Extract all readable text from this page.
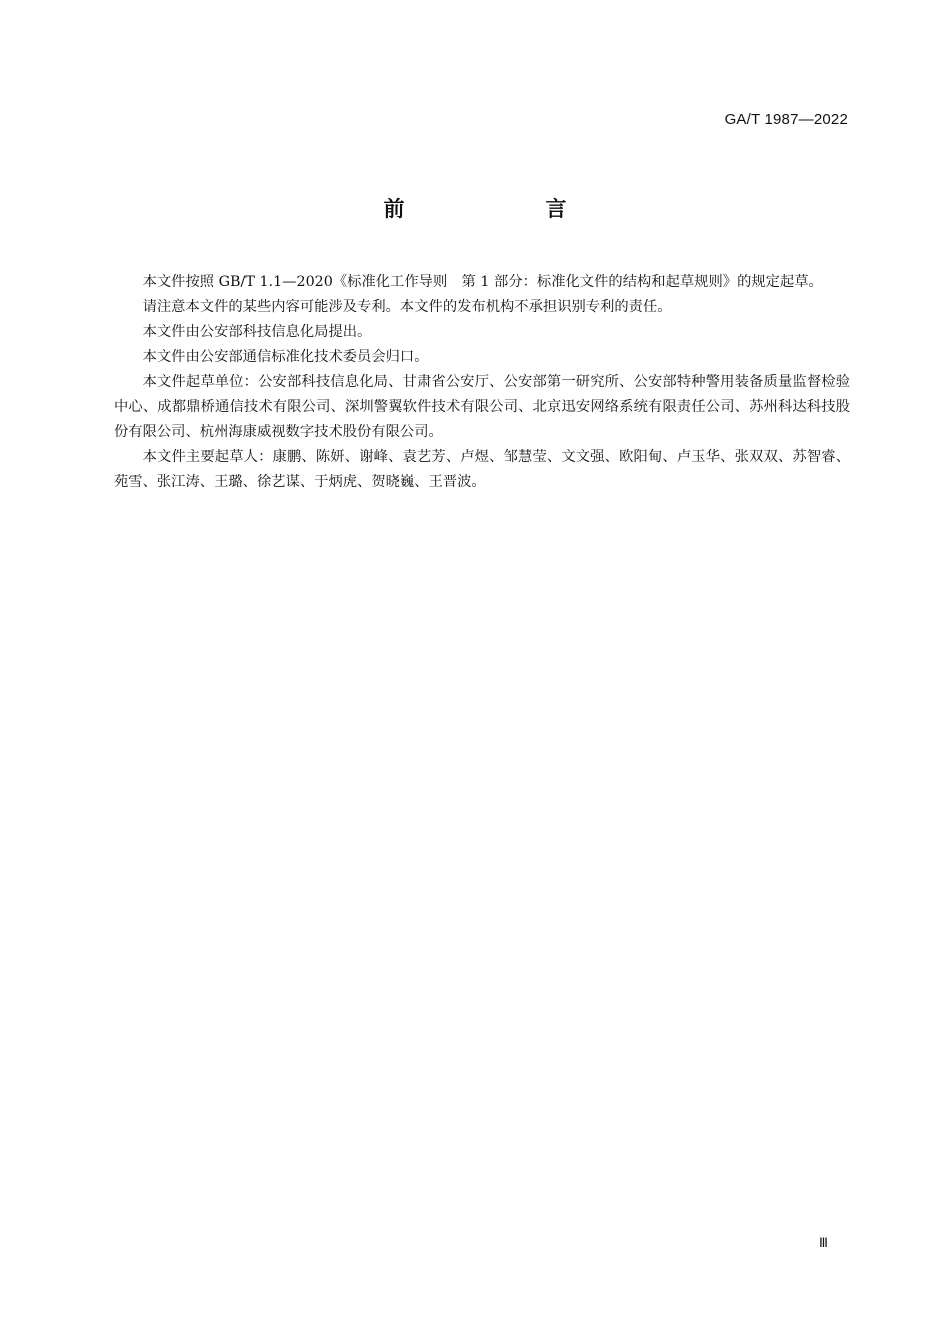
GA/T 1987—2022
前　言

本文件按照 GB/T 1.1—2020《标准化工作导则　第 1 部分：标准化文件的结构和起草规则》的规定起草。

请注意本文件的某些内容可能涉及专利。本文件的发布机构不承担识别专利的责任。

本文件由公安部科技信息化局提出。

本文件由公安部通信标准化技术委员会归口。

本文件起草单位：公安部科技信息化局、甘肃省公安厅、公安部第一研究所、公安部特种警用装备质量监督检验中心、成都鼎桥通信技术有限公司、深圳警翼软件技术有限公司、北京迅安网络系统有限责任公司、苏州科达科技股份有限公司、杭州海康威视数字技术股份有限公司。

本文件主要起草人：康鹏、陈妍、谢峰、袁艺芳、卢煜、邹慧莹、文文强、欧阳甸、卢玉华、张双双、苏智睿、苑雪、张江涛、王璐、徐艺谋、于炳虎、贺晓巍、王晋波。

Ⅲ
